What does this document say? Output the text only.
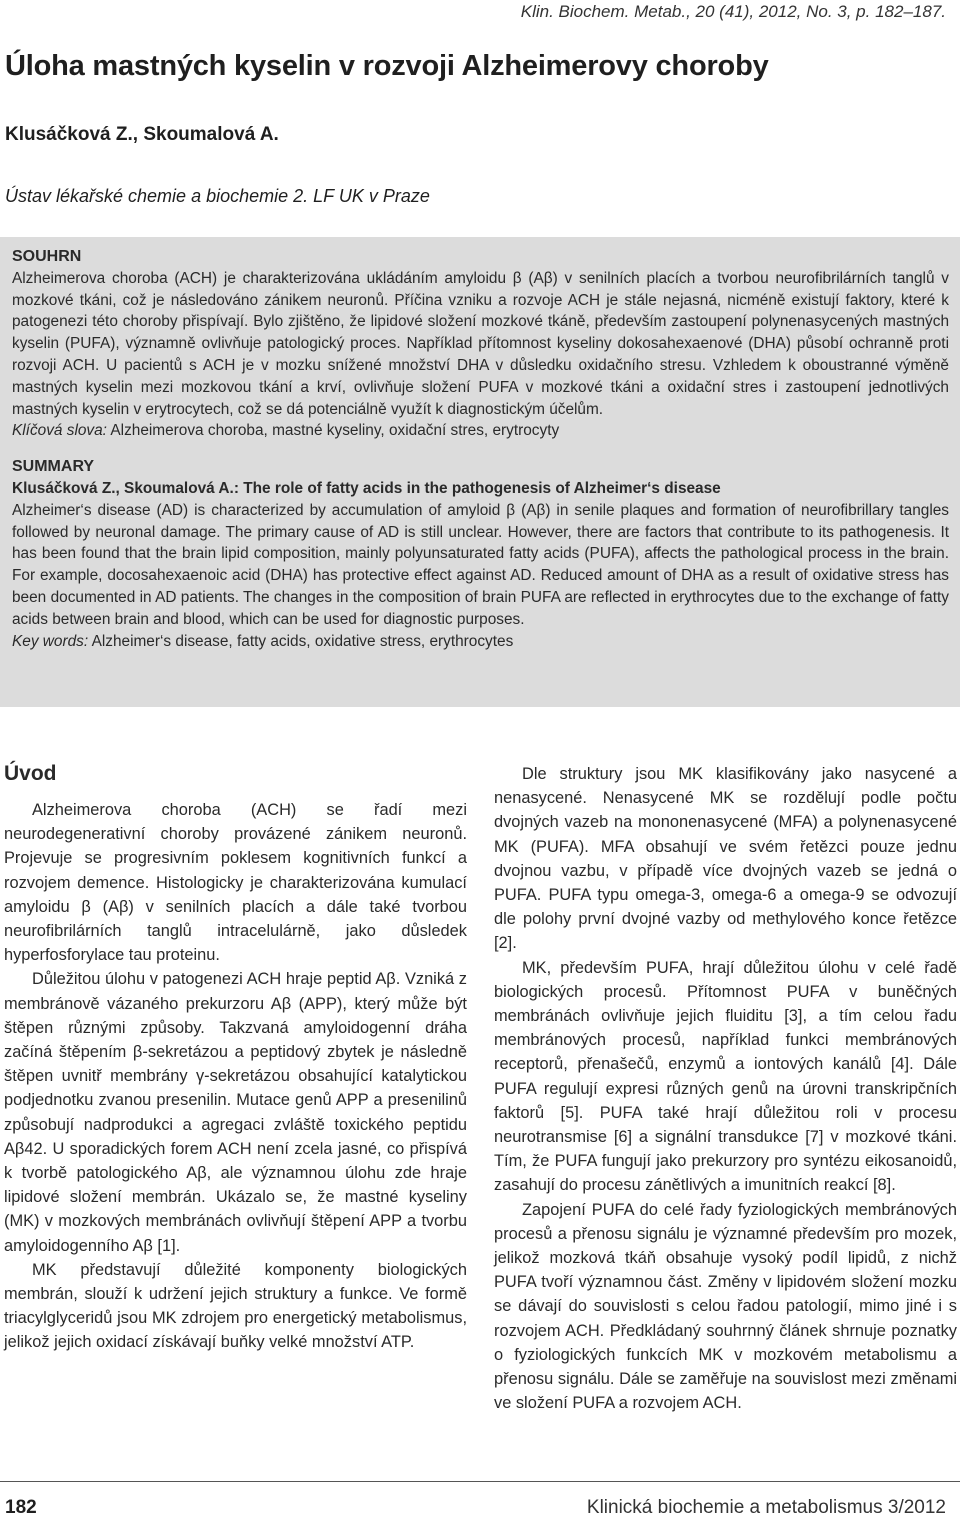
Klin. Biochem. Metab., 20 (41), 2012, No. 3, p. 182–187.
Úloha mastných kyselin v rozvoji Alzheimerovy choroby
Klusáčková Z., Skoumalová A.
Ústav lékařské chemie a biochemie 2. LF UK v Praze

SOUHRN

Alzheimerova choroba (ACH) je charakterizována ukládáním amyloidu β (Aβ) v senilních placích a tvorbou neurofibrilárních tanglů v mozkové tkáni, což je následováno zánikem neuronů. Příčina vzniku a rozvoje ACH je stále nejasná, nicméně existují faktory, které k patogenezi této choroby přispívají. Bylo zjištěno, že lipidové složení mozkové tkáně, především zastoupení polynenasycených mastných kyselin (PUFA), významně ovlivňuje patologický proces. Například přítomnost kyseliny dokosahexaenové (DHA) působí ochranně proti rozvoji ACH. U pacientů s ACH je v mozku snížené množství DHA v důsledku oxidačního stresu. Vzhledem k oboustranné výměně mastných kyselin mezi mozkovou tkání a krví, ovlivňuje složení PUFA v mozkové tkáni a oxidační stres i zastoupení jednotlivých mastných kyselin v erytrocytech, což se dá potenciálně využít k diagnostickým účelům.

Klíčová slova: Alzheimerova choroba, mastné kyseliny, oxidační stres, erytrocyty

SUMMARY

Klusáčková Z., Skoumalová A.: The role of fatty acids in the pathogenesis of Alzheimer‘s disease

Alzheimer‘s disease (AD) is characterized by accumulation of amyloid β (Aβ) in senile plaques and formation of neurofibrillary tangles followed by neuronal damage. The primary cause of AD is still unclear. However, there are factors that contribute to its pathogenesis. It has been found that the brain lipid composition, mainly polyunsaturated fatty acids (PUFA), affects the pathological process in the brain. For example, docosahexaenoic acid (DHA) has protective effect against AD. Reduced amount of DHA as a result of oxidative stress has been documented in AD patients. The changes in the composition of brain PUFA are reflected in erythrocytes due to the exchange of fatty acids between brain and blood, which can be used for diagnostic purposes.

Key words: Alzheimer‘s disease, fatty acids, oxidative stress, erythrocytes

Úvod

Alzheimerova choroba (ACH) se řadí mezi neurodegenerativní choroby provázené zánikem neuronů. Projevuje se progresivním poklesem kognitivních funkcí a rozvojem demence. Histologicky je charakterizována kumulací amyloidu β (Aβ) v senilních placích a dále také tvorbou neurofibrilárních tanglů intracelulárně, jako důsledek hyperfosforylace tau proteinu.

Důležitou úlohu v patogenezi ACH hraje peptid Aβ. Vzniká z membránově vázaného prekurzoru Aβ (APP), který může být štěpen různými způsoby. Takzvaná amyloidogenní dráha začíná štěpením β-sekretázou a peptidový zbytek je následně štěpen uvnitř membrány γ-sekretázou obsahující katalytickou podjednotku zvanou presenilin. Mutace genů APP a presenilinů způsobují nadprodukci a agregaci zvláště toxického peptidu Aβ42. U sporadických forem ACH není zcela jasné, co přispívá k tvorbě patologického Aβ, ale významnou úlohu zde hraje lipidové složení membrán. Ukázalo se, že mastné kyseliny (MK) v mozkových membránách ovlivňují štěpení APP a tvorbu amyloidogenního Aβ [1].

MK představují důležité komponenty biologických membrán, slouží k udržení jejich struktury a funkce. Ve formě triacylglyceridů jsou MK zdrojem pro energetický metabolismus, jelikož jejich oxidací získávají buňky velké množství ATP.

Dle struktury jsou MK klasifikovány jako nasycené a nenasycené. Nenasycené MK se rozdělují podle počtu dvojných vazeb na mononenasycené (MFA) a polynenasycené MK (PUFA). MFA obsahují ve svém řetězci pouze jednu dvojnou vazbu, v případě více dvojných vazeb se jedná o PUFA. PUFA typu omega-3, omega-6 a omega-9 se odvozují dle polohy první dvojné vazby od methylového konce řetězce [2].

MK, především PUFA, hrají důležitou úlohu v celé řadě biologických procesů. Přítomnost PUFA v buněčných membránách ovlivňuje jejich fluiditu [3], a tím celou řadu membránových procesů, například funkci membránových receptorů, přenašečů, enzymů a iontových kanálů [4]. Dále PUFA regulují expresi různých genů na úrovni transkripčních faktorů [5]. PUFA také hrají důležitou roli v procesu neurotransmise [6] a signální transdukce [7] v mozkové tkáni. Tím, že PUFA fungují jako prekurzory pro syntézu eikosanoidů, zasahují do procesu zánětlivých a imunitních reakcí [8].

Zapojení PUFA do celé řady fyziologických membránových procesů a přenosu signálu je významné především pro mozek, jelikož mozková tkáň obsahuje vysoký podíl lipidů, z nichž PUFA tvoří významnou část. Změny v lipidovém složení mozku se dávají do souvislosti s celou řadou patologií, mimo jiné i s rozvojem ACH. Předkládaný souhrnný článek shrnuje poznatky o fyziologických funkcích MK v mozkovém metabolismu a přenosu signálu. Dále se zaměřuje na souvislost mezi změnami ve složení PUFA a rozvojem ACH.

182	Klinická biochemie a metabolismus 3/2012
